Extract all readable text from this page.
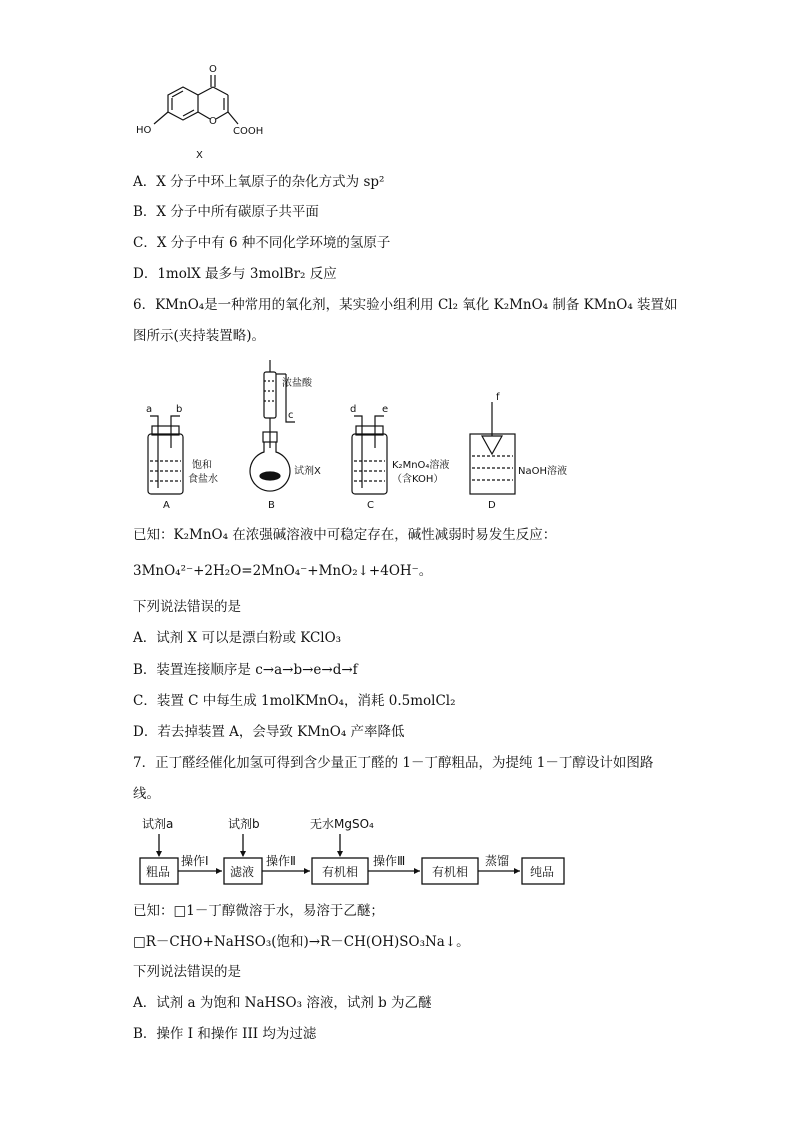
O
HO
O
COOH
X
A．X 分子中环上氧原子的杂化方式为 sp²
B．X 分子中所有碳原子共平面
C．X 分子中有 6 种不同化学环境的氢原子
D．1molX 最多与 3molBr₂ 反应
6．KMnO₄是一种常用的氧化剂，某实验小组利用 Cl₂ 氧化 K₂MnO₄ 制备 KMnO₄ 装置如
图所示(夹持装置略)。
a b
饱和
食盐水
A
浓盐酸
c
试剂X
B
d	e
K₂MnO₄溶液
（含KOH）
C
f
NaOH溶液
D
已知：K₂MnO₄ 在浓强碱溶液中可稳定存在，碱性减弱时易发生反应：
3MnO₄²⁻+2H₂O=2MnO₄⁻+MnO₂↓+4OH⁻。
下列说法错误的是
A．试剂 X 可以是漂白粉或 KClO₃
B．装置连接顺序是 c→a→b→e→d→f
C．装置 C 中每生成 1molKMnO₄，消耗 0.5molCl₂
D．若去掉装置 A，会导致 KMnO₄ 产率降低
7．正丁醛经催化加氢可得到含少量正丁醛的 1－丁醇粗品，为提纯 1－丁醇设计如图路
线。
试剂a	试剂b	无水MgSO₄
粗品
操作Ⅰ
滤液
操作Ⅱ
有机相
操作Ⅲ
有机相
蒸馏
纯品
已知：□1－丁醇微溶于水，易溶于乙醚；
□R－CHO+NaHSO₃(饱和)→R－CH(OH)SO₃Na↓。
下列说法错误的是
A．试剂 a 为饱和 NaHSO₃ 溶液，试剂 b 为乙醚
B．操作 I 和操作 III 均为过滤
